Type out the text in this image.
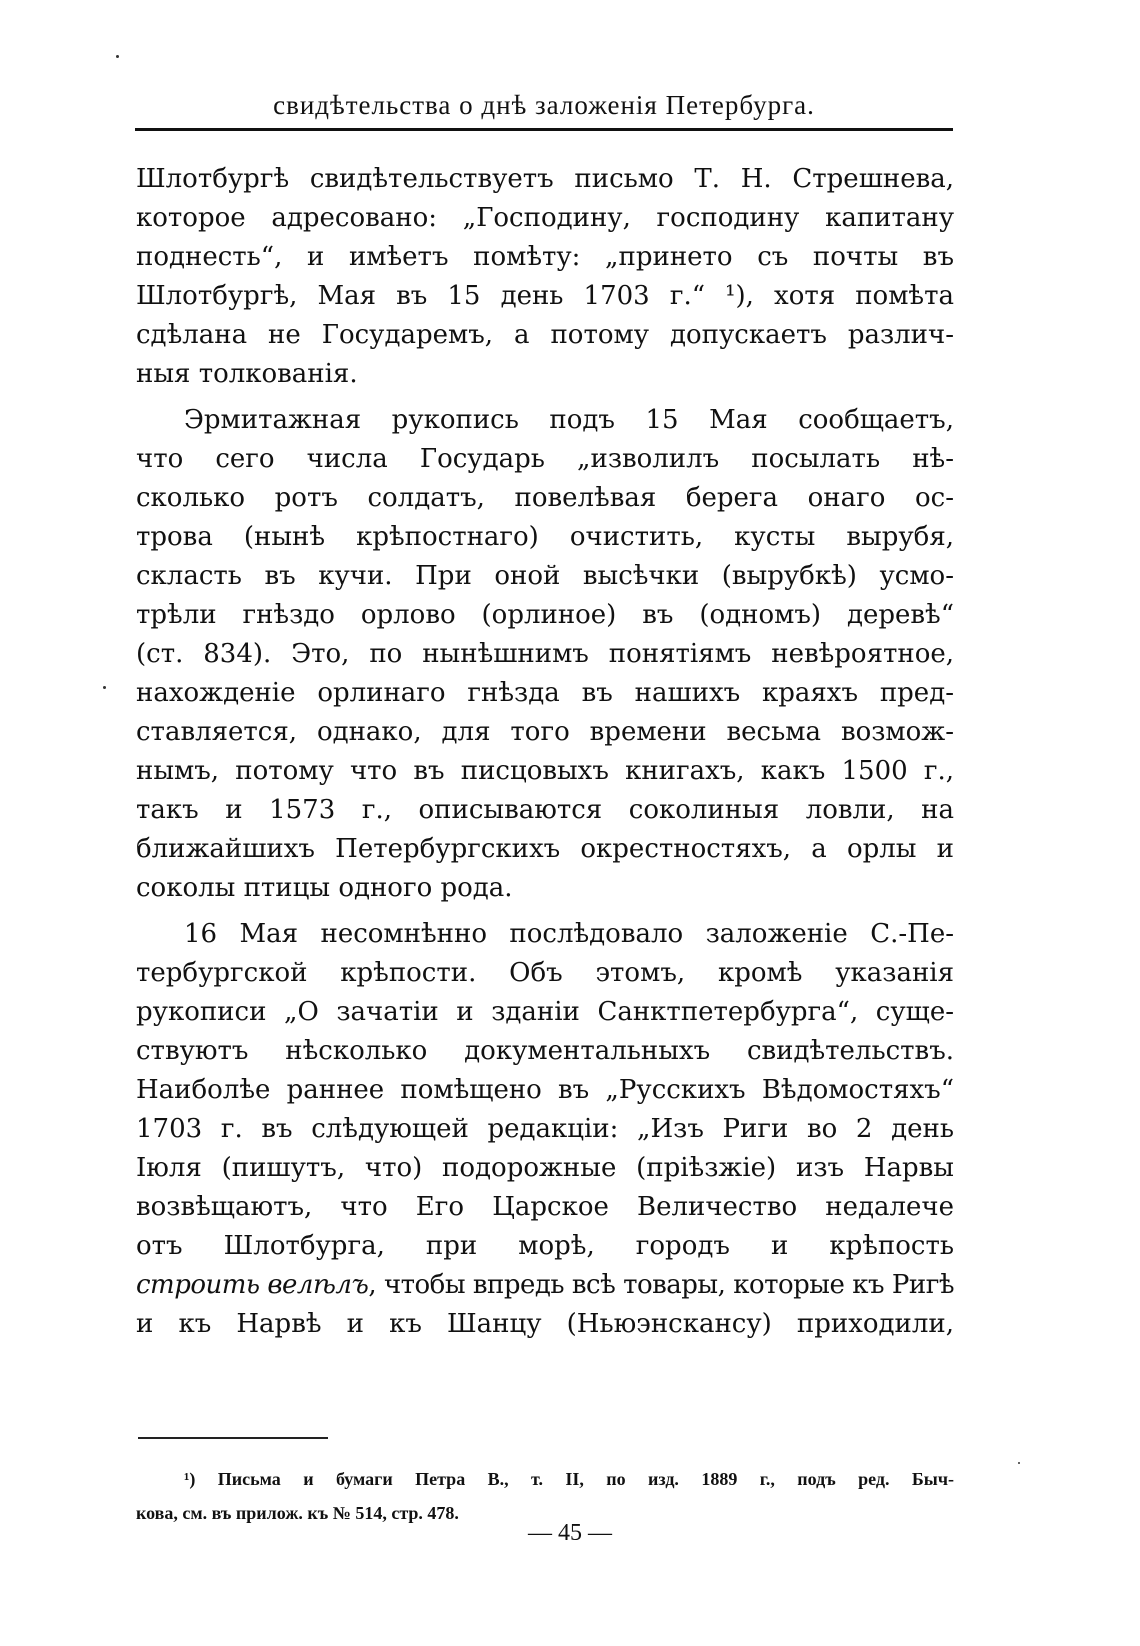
свидѣтельства о днѣ заложенія Петербурга.
Шлотбургѣ свидѣтельствуетъ письмо Т. Н. Стрешнева,
которое адресовано: „Господину, господину капитану
поднесть“, и имѣетъ помѣту: „принето съ почты въ
Шлотбургѣ, Мая въ 15 день 1703 г.“ ¹), хотя помѣта
сдѣлана не Государемъ, а потому допускаетъ различ-
ныя толкованія.
Эрмитажная рукопись подъ 15 Мая сообщаетъ,
что сего числа Государь „изволилъ посылать нѣ-
сколько ротъ солдатъ, повелѣвая берега онаго ос-
трова (нынѣ крѣпостнаго) очистить, кусты вырубя,
скласть въ кучи. При оной высѣчки (вырубкѣ) усмо-
трѣли гнѣздо орлово (орлиное) въ (одномъ) деревѣ“
(ст. 834). Это, по нынѣшнимъ понятіямъ невѣроятное,
нахожденіе орлинаго гнѣзда въ нашихъ краяхъ пред-
ставляется, однако, для того времени весьма возмож-
нымъ, потому что въ писцовыхъ книгахъ, какъ 1500 г.,
такъ и 1573 г., описываются соколиныя ловли, на
ближайшихъ Петербургскихъ окрестностяхъ, а орлы и
соколы птицы одного рода.
16 Мая несомнѣнно послѣдовало заложеніе С.-Пе-
тербургской крѣпости. Объ этомъ, кромѣ указанія
рукописи „О зачатіи и зданіи Санктпетербурга“, суще-
ствуютъ нѣсколько документальныхъ свидѣтельствъ.
Наиболѣе раннее помѣщено въ „Русскихъ Вѣдомостяхъ“
1703 г. въ слѣдующей редакціи: „Изъ Риги во 2 день
Іюля (пишутъ, что) подорожные (пріѣзжіе) изъ Нарвы
возвѣщаютъ, что Его Царское Величество недалече
отъ Шлотбурга, при морѣ, городъ и крѣпость
строить велѣлъ, чтобы впредь всѣ товары, которые къ Ригѣ
и къ Нарвѣ и къ Шанцу (Ньюэнскансу) приходили,
¹) Письма и бумаги Петра В., т. II, по изд. 1889 г., подъ ред. Быч-
кова, см. въ прилож. къ № 514, стр. 478.
— 45 —
